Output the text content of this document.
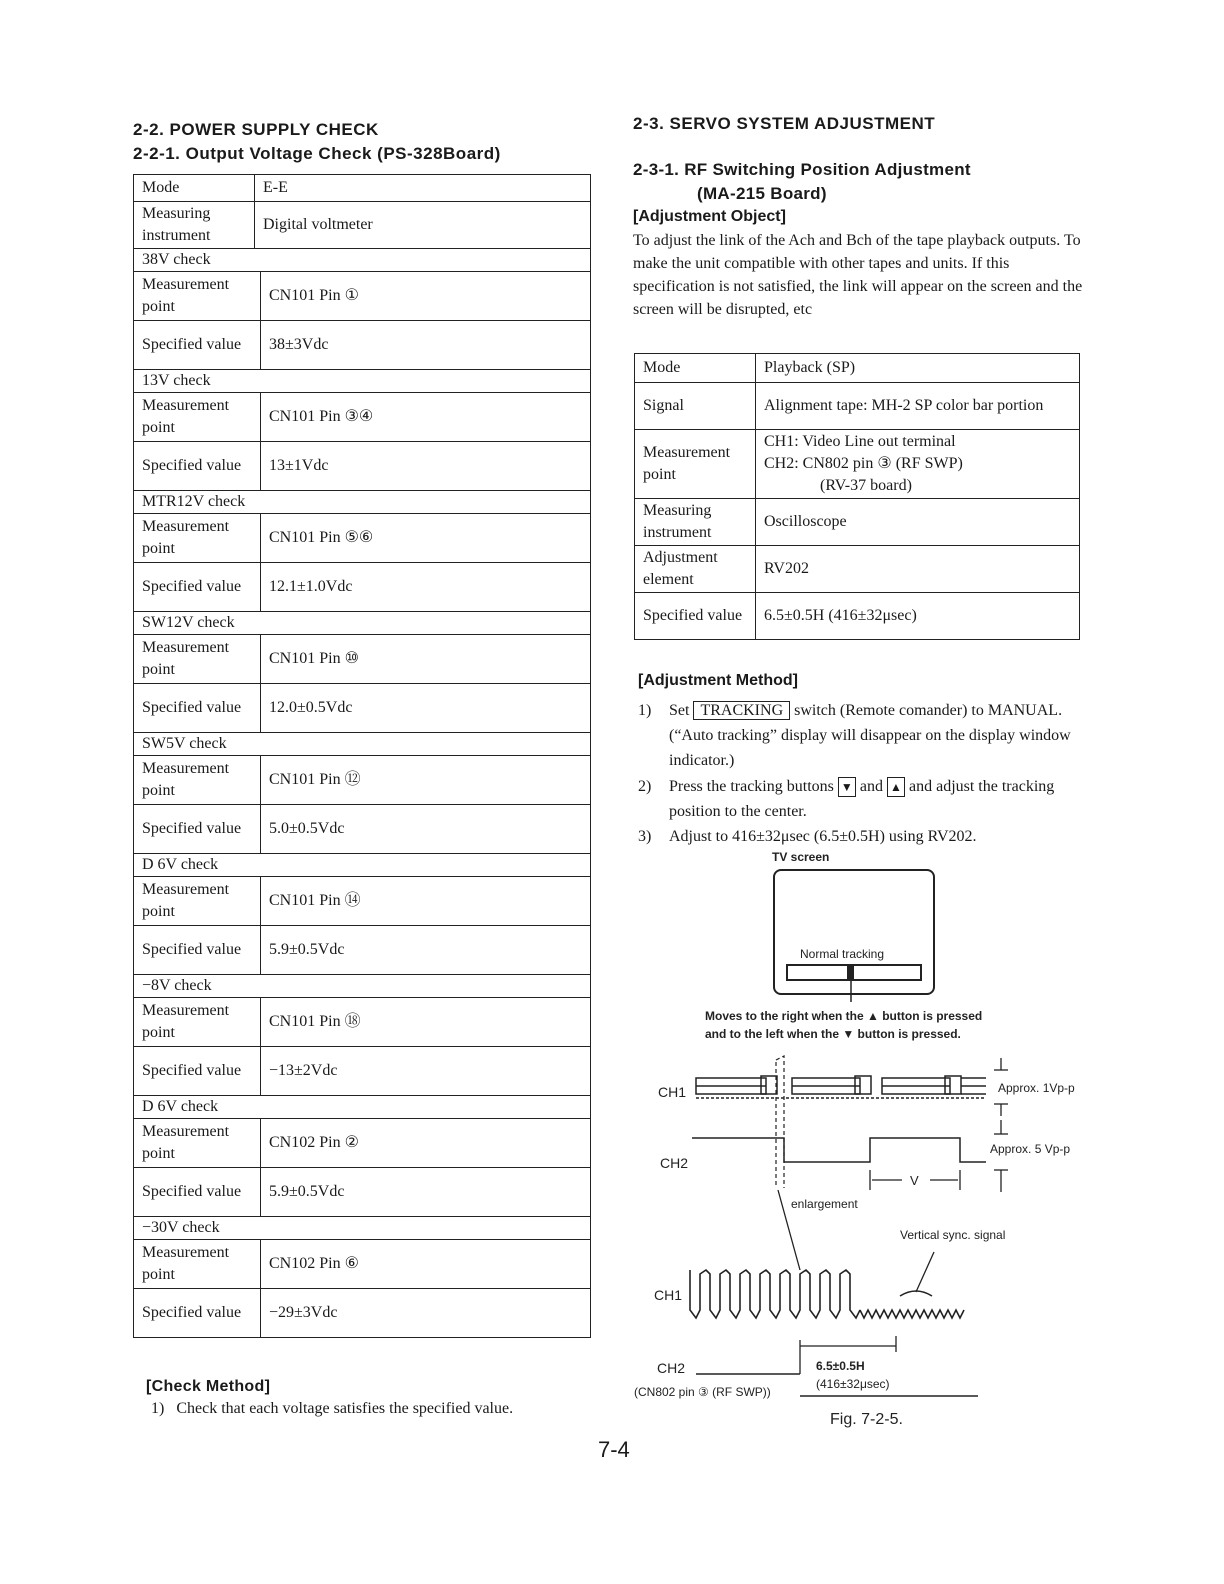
2-2. POWER SUPPLY CHECK
2-2-1. Output Voltage Check (PS-328Board)
Mode	E-E
Measuring instrument	Digital voltmeter
38V check	
Measurement point	CN101 Pin ①
Specified value	38±3Vdc
13V check	
Measurement point	CN101 Pin ③④
Specified value	13±1Vdc
MTR12V check	
Measurement point	CN101 Pin ⑤⑥
Specified value	12.1±1.0Vdc
SW12V check	
Measurement point	CN101 Pin ⑩
Specified value	12.0±0.5Vdc
SW5V check	
Measurement point	CN101 Pin ⑫
Specified value	5.0±0.5Vdc
D 6V check	
Measurement point	CN101 Pin ⑭
Specified value	5.9±0.5Vdc
−8V check	
Measurement point	CN101 Pin ⑱
Specified value	−13±2Vdc
D 6V check	
Measurement point	CN102 Pin ②
Specified value	5.9±0.5Vdc
−30V check	
Measurement point	CN102 Pin ⑥
Specified value	−29±3Vdc
[Check Method]
1) Check that each voltage satisfies the specified value.
2-3. SERVO SYSTEM ADJUSTMENT
2-3-1. RF Switching Position Adjustment
(MA-215 Board)
[Adjustment Object]
To adjust the link of the Ach and Bch of the tape playback outputs. To make the unit compatible with other tapes and units. If this specification is not satisfied, the link will appear on the screen and the screen will be disrupted, etc
Mode	Playback (SP)
Signal	Alignment tape: MH-2 SP color bar portion
Measurement point	CH1: Video Line out terminal
CH2: CN802 pin ③ (RF SWP)
(RV-37 board)

Measuring instrument	Oscilloscope
Adjustment element	RV202
Specified value	6.5±0.5H (416±32μsec)
[Adjustment Method]
1) Set TRACKING switch (Remote comander) to MANUAL. (“Auto tracking” display will disappear on the display window indicator.)
2) Press the tracking buttons ▼ and ▲ and adjust the tracking position to the center.
3) Adjust to 416±32μsec (6.5±0.5H) using RV202.
TV screen
Normal tracking
Moves to the right when the ▲ button is pressed
and to the left when the ▼ button is pressed.
CH1	Approx. 1Vp-p
CH2
Approx. 5 Vp-p
V
enlargement
Vertical sync. signal
CH1
CH2
(CN802 pin ③ (RF SWP))
6.5±0.5H
(416±32μsec)
Fig. 7-2-5.
7-4
